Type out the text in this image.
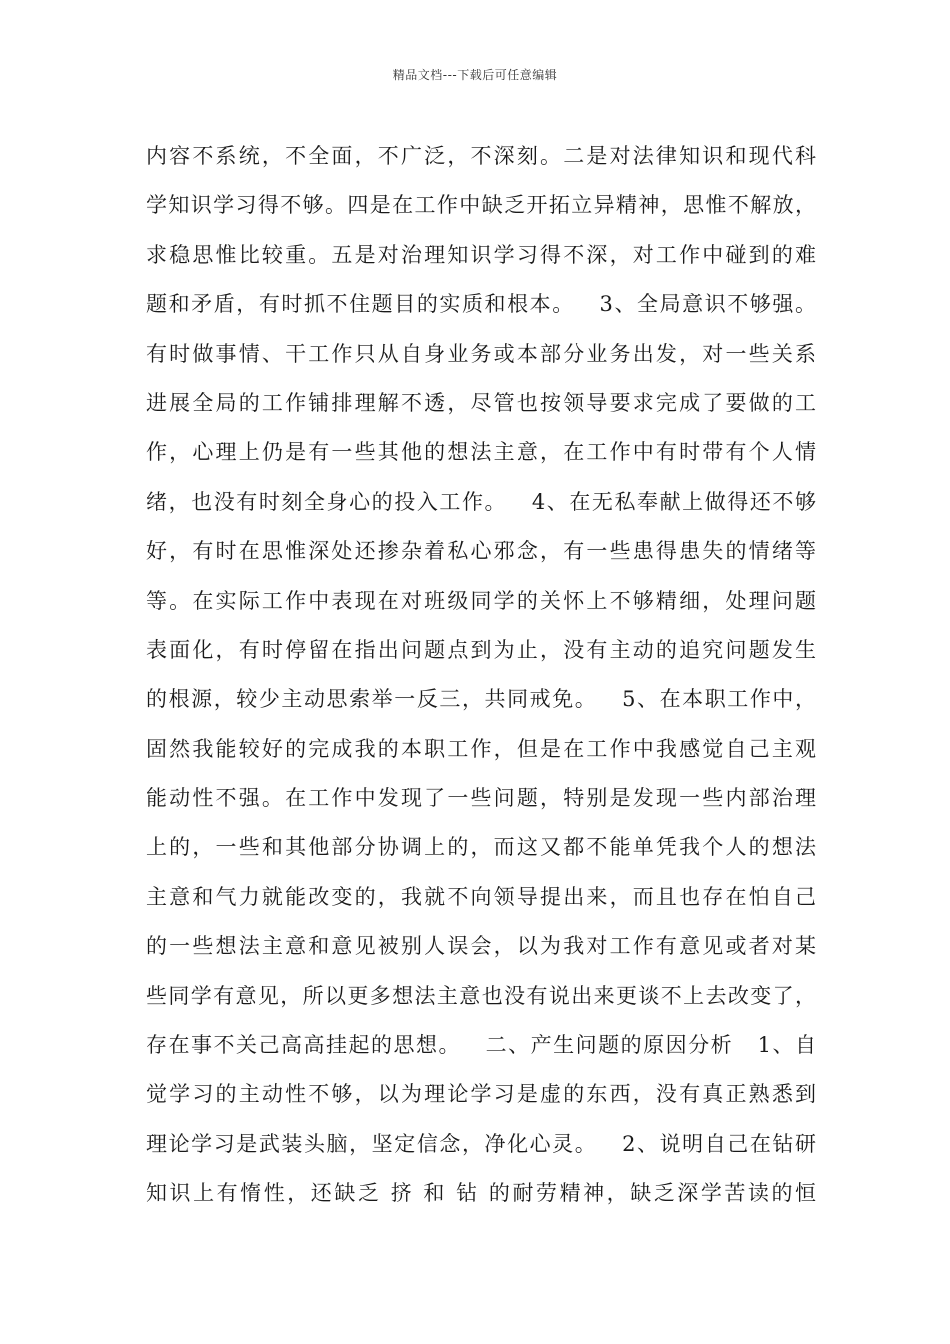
精品文档---下载后可任意编辑
内容不系统，不全面，不广泛，不深刻。二是对法律知识和现代科
学知识学习得不够。四是在工作中缺乏开拓立异精神，思惟不解放，
求稳思惟比较重。五是对治理知识学习得不深，对工作中碰到的难
题和矛盾，有时抓不住题目的实质和根本。   3、全局意识不够强。
有时做事情、干工作只从自身业务或本部分业务出发，对一些关系
进展全局的工作铺排理解不透，尽管也按领导要求完成了要做的工
作，心理上仍是有一些其他的想法主意，在工作中有时带有个人情
绪，也没有时刻全身心的投入工作。   4、在无私奉献上做得还不够
好，有时在思惟深处还掺杂着私心邪念，有一些患得患失的情绪等
等。在实际工作中表现在对班级同学的关怀上不够精细，处理问题
表面化，有时停留在指出问题点到为止，没有主动的追究问题发生
的根源，较少主动思索举一反三，共同戒免。   5、在本职工作中，
固然我能较好的完成我的本职工作，但是在工作中我感觉自己主观
能动性不强。在工作中发现了一些问题，特别是发现一些内部治理
上的，一些和其他部分协调上的，而这又都不能单凭我个人的想法
主意和气力就能改变的，我就不向领导提出来，而且也存在怕自己
的一些想法主意和意见被别人误会，以为我对工作有意见或者对某
些同学有意见，所以更多想法主意也没有说出来更谈不上去改变了，
存在事不关己高高挂起的思想。   二、产生问题的原因分析   1、自
觉学习的主动性不够，以为理论学习是虚的东西，没有真正熟悉到
理论学习是武装头脑，坚定信念，净化心灵。   2、说明自己在钻研
知识上有惰性，还缺乏 挤 和 钻 的耐劳精神，缺乏深学苦读的恒
